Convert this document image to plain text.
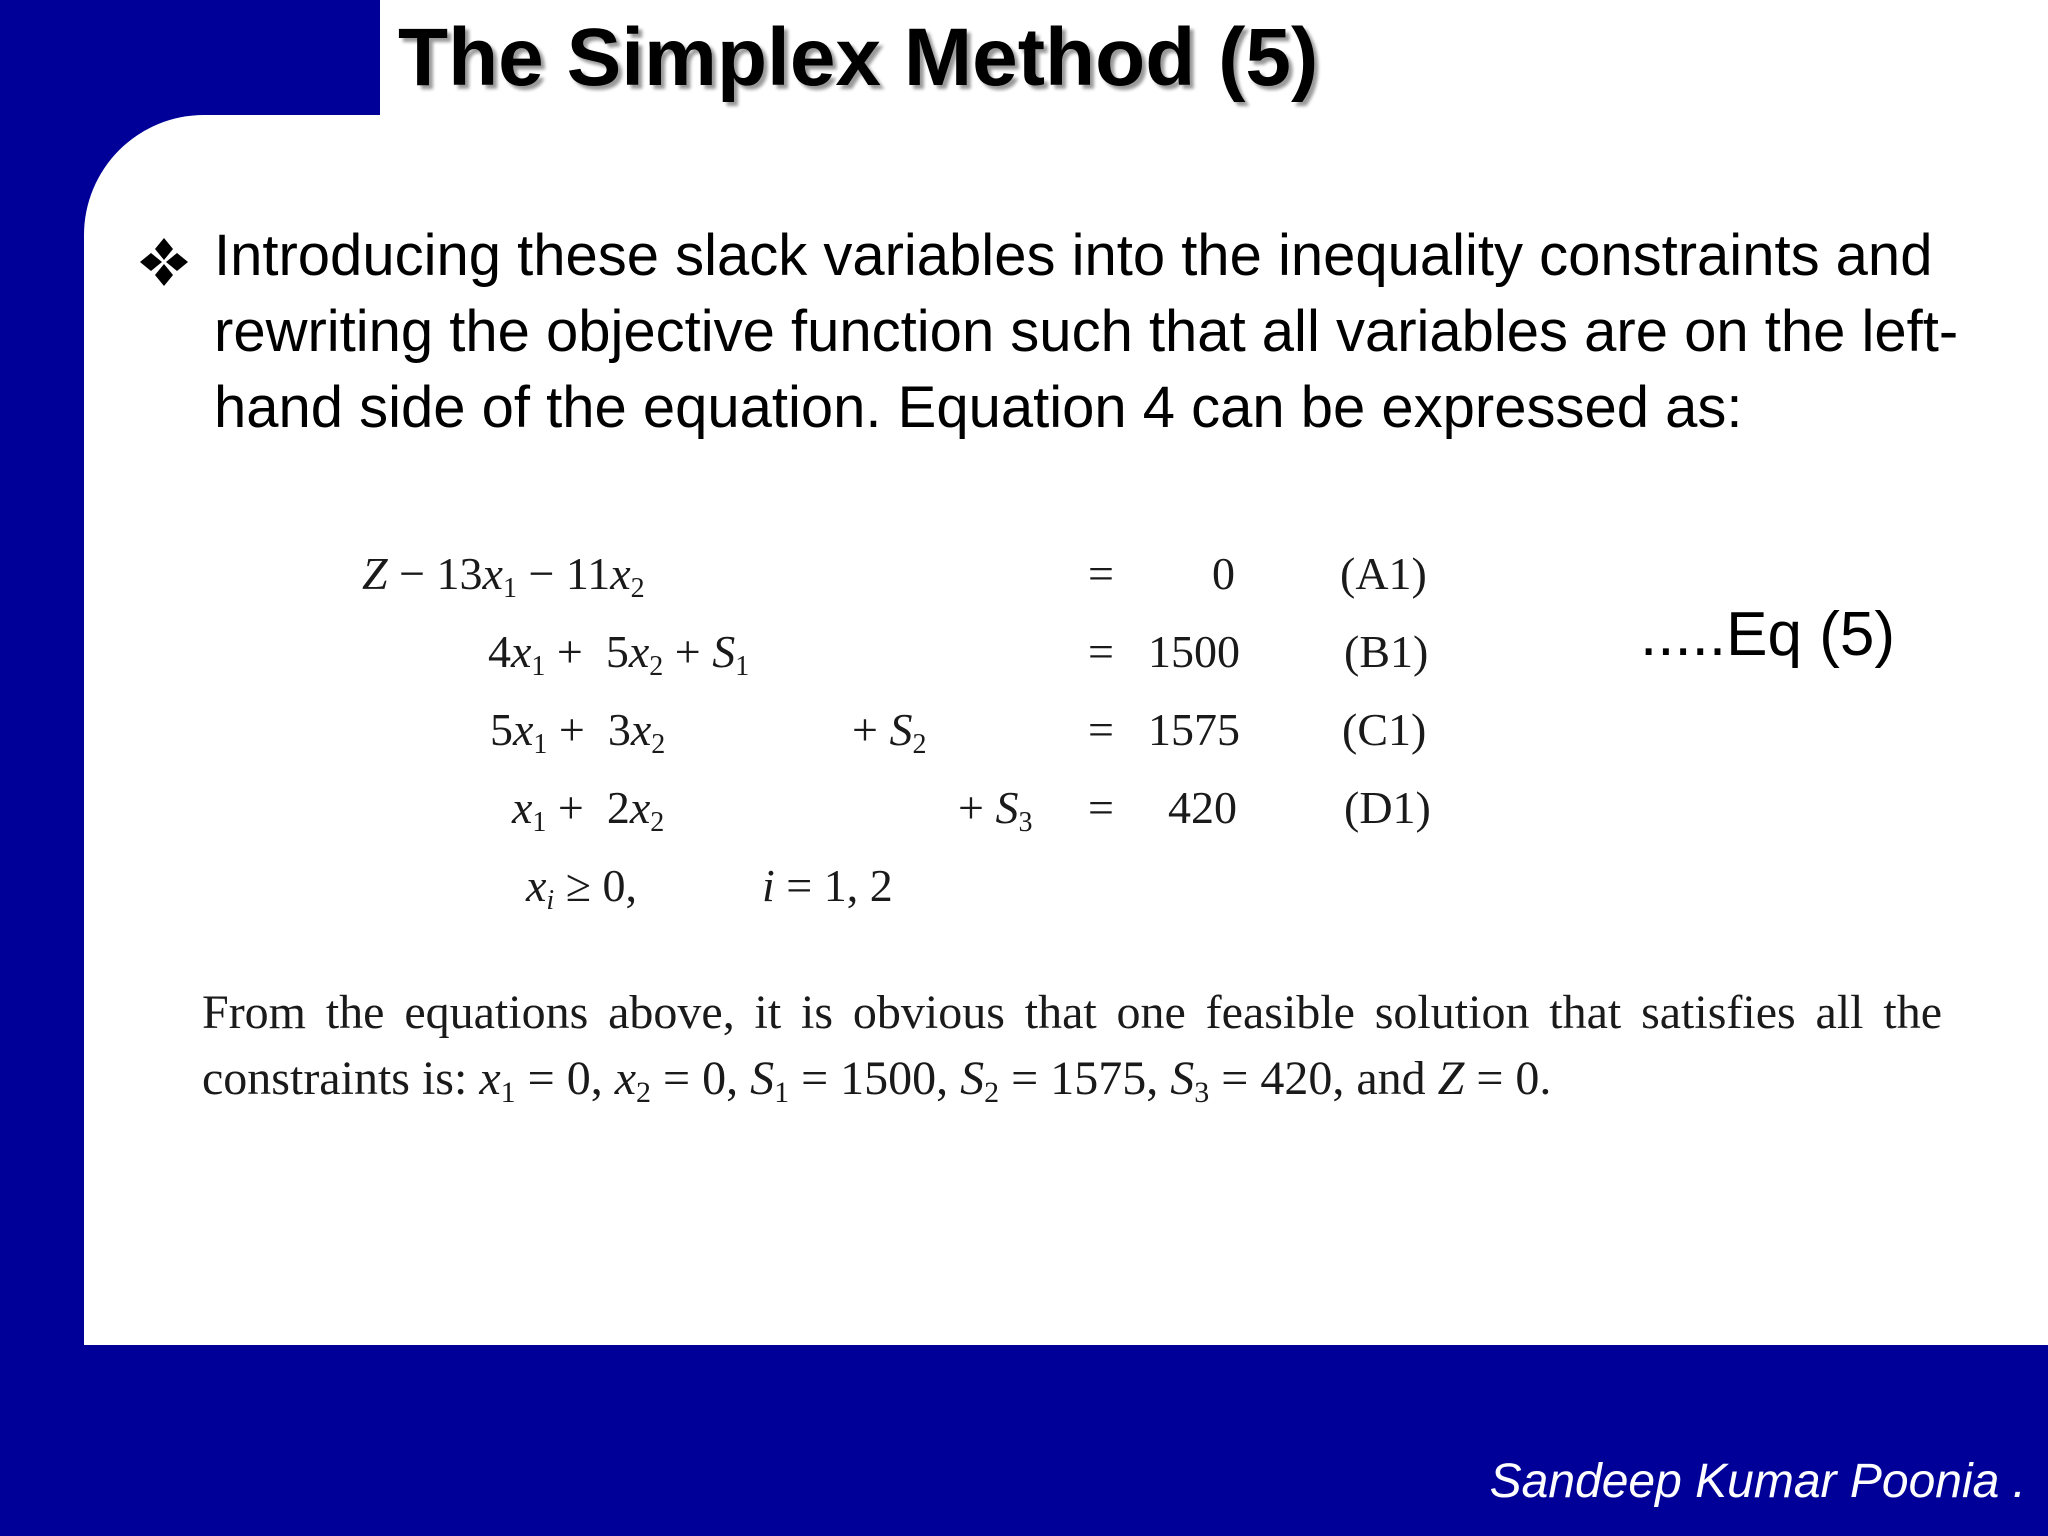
The Simplex Method (5)

Introducing these slack variables into the inequality constraints and rewriting the objective function such that all variables are on the left-hand side of the equation. Equation 4 can be expressed as:

.....Eq (5)
$Z - 13x_1 - 11x_2$	= 0 (A1)
$4x_1 + 5x_2 + S_1$	= 1500 (B1)
$5x_1 + 3x_2$	+ $S_2$	= 1575 (C1)
$x_1 + 2x_2$	+ $S_3 = 420$ (D1)
$x_i \ge 0$,	i = 1, 2

From the equations above, it is obvious that one feasible solution that satisfies all the constraints is: $x_1 = 0$, $x_2 = 0$, $S_1 = 1500$, $S_2 = 1575$, $S_3 = 420$, and Z = 0.

Sandeep Kumar Poonia .
